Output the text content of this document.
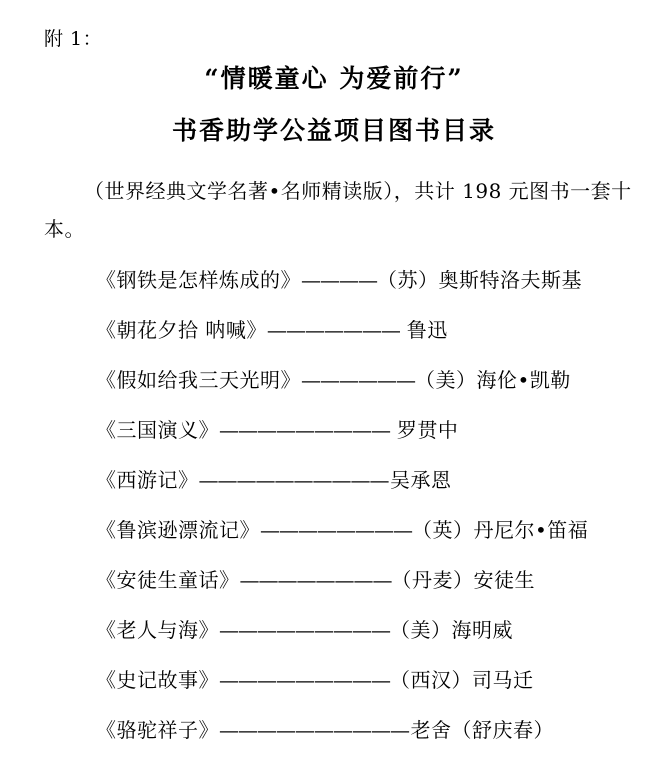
附 1：
“情暖童心 为爱前行”
书香助学公益项目图书目录
（世界经典文学名著•名师精读版），共计 198 元图书一套十本。
《钢铁是怎样炼成的》————（苏）奥斯特洛夫斯基
《朝花夕拾 呐喊》——————— 鲁迅
《假如给我三天光明》——————（美）海伦•凯勒
《三国演义》————————— 罗贯中
《西游记》——————————吴承恩
《鲁滨逊漂流记》————————（英）丹尼尔•笛福
《安徒生童话》————————（丹麦）安徒生
《老人与海》—————————（美）海明威
《史记故事》—————————（西汉）司马迁
《骆驼祥子》——————————老舍（舒庆春）
